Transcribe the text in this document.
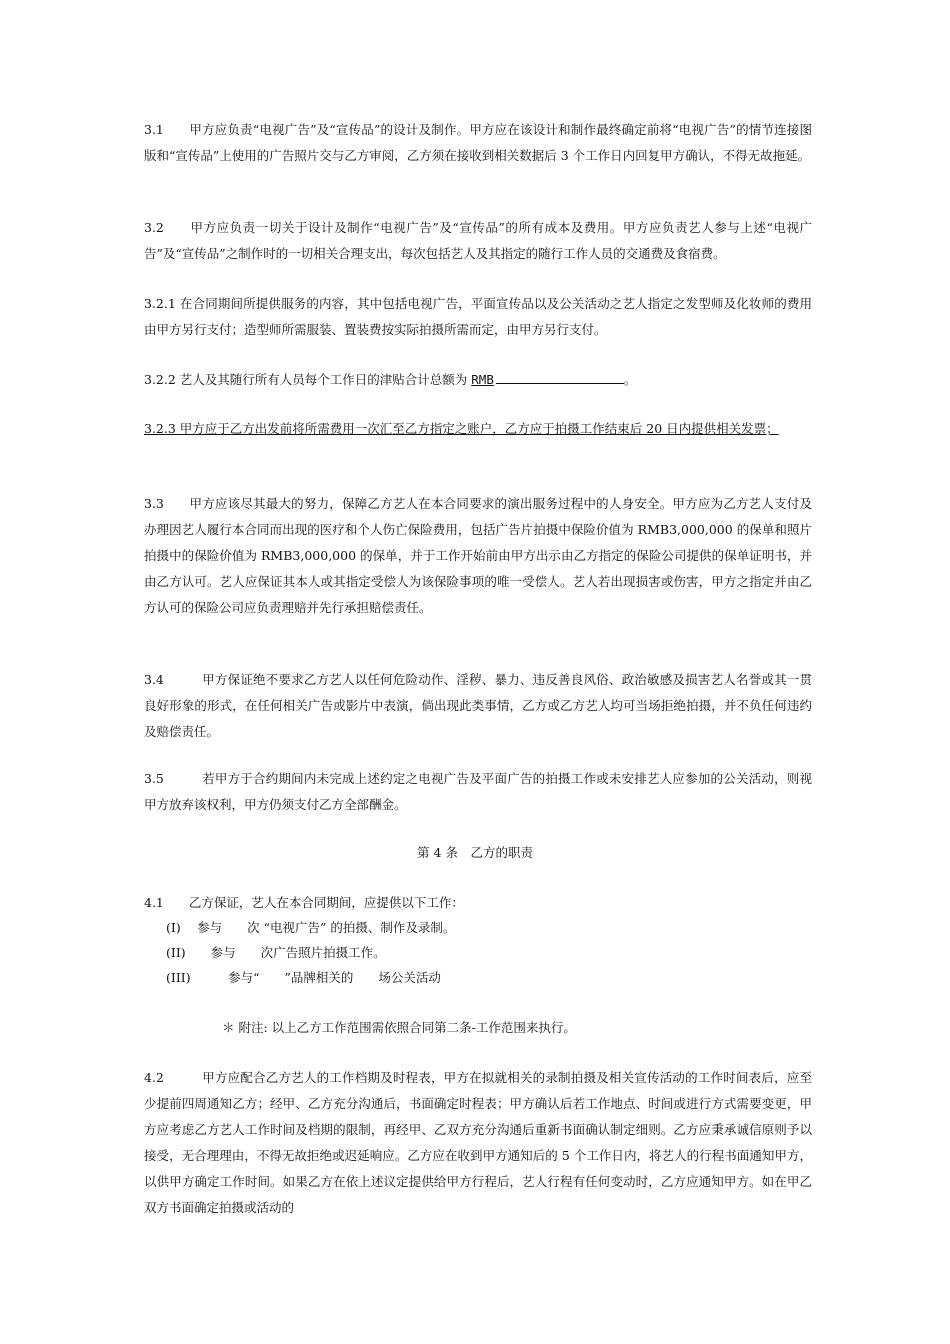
3.1　　甲方应负责“电视广告”及“宣传品”的设计及制作。甲方应在该设计和制作最终确定前将“电视广告”的情节连接图版和“宣传品”上使用的广告照片交与乙方审阅，乙方须在接收到相关数据后 3 个工作日内回复甲方确认，不得无故拖延。
3.2　　甲方应负责一切关于设计及制作“电视广告”及“宣传品”的所有成本及费用。甲方应负责艺人参与上述“电视广告”及“宣传品”之制作时的一切相关合理支出，每次包括艺人及其指定的随行工作人员的交通费及食宿费。
3.2.1 在合同期间所提供服务的内容，其中包括电视广告，平面宣传品以及公关活动之艺人指定之发型师及化妆师的费用由甲方另行支付；造型师所需服装、置装费按实际拍摄所需而定，由甲方另行支付。
3.2.2 艺人及其随行所有人员每个工作日的津贴合计总额为 RMB	。
3.2.3 甲方应于乙方出发前将所需费用一次汇至乙方指定之账户，乙方应于拍摄工作结束后 20 日内提供相关发票；
3.3　　甲方应该尽其最大的努力，保障乙方艺人在本合同要求的演出服务过程中的人身安全。甲方应为乙方艺人支付及办理因艺人履行本合同而出现的医疗和个人伤亡保险费用，包括广告片拍摄中保险价值为 RMB3,000,000 的保单和照片拍摄中的保险价值为 RMB3,000,000 的保单，并于工作开始前由甲方出示由乙方指定的保险公司提供的保单证明书，并由乙方认可。艺人应保证其本人或其指定受偿人为该保险事项的唯一受偿人。艺人若出现损害或伤害，甲方之指定并由乙方认可的保险公司应负责理赔并先行承担赔偿责任。
3.4　　　甲方保证绝不要求乙方艺人以任何危险动作、淫秽、暴力、违反善良风俗、政治敏感及损害艺人名誉或其一贯良好形象的形式，在任何相关广告或影片中表演，倘出现此类事情，乙方或乙方艺人均可当场拒绝拍摄，并不负任何违约及赔偿责任。
3.5　　　若甲方于合约期间内未完成上述约定之电视广告及平面广告的拍摄工作或未安排艺人应参加的公关活动，则视甲方放弃该权利，甲方仍须支付乙方全部酬金。
第 4 条　乙方的职责
4.1　　乙方保证，艺人在本合同期间，应提供以下工作：
(I)　 参与　　次 “电视广告” 的拍摄、制作及录制。
(II)　　参与　　次广告照片拍摄工作。
(III)　　　参与“　　”品牌相关的　　场公关活动
＊ 附注: 以上乙方工作范围需依照合同第二条-工作范围来执行。
4.2　　　甲方应配合乙方艺人的工作档期及时程表，甲方在拟就相关的录制拍摄及相关宣传活动的工作时间表后，应至少提前四周通知乙方；经甲、乙方充分沟通后，书面确定时程表；甲方确认后若工作地点、时间或进行方式需要变更，甲方应考虑乙方艺人工作时间及档期的限制，再经甲、乙双方充分沟通后重新书面确认制定细则。乙方应秉承诚信原则予以接受，无合理理由，不得无故拒绝或迟延响应。乙方应在收到甲方通知后的 5 个工作日内，将艺人的行程书面通知甲方，以供甲方确定工作时间。如果乙方在依上述议定提供给甲方行程后，艺人行程有任何变动时，乙方应通知甲方。如在甲乙双方书面确定拍摄或活动的
